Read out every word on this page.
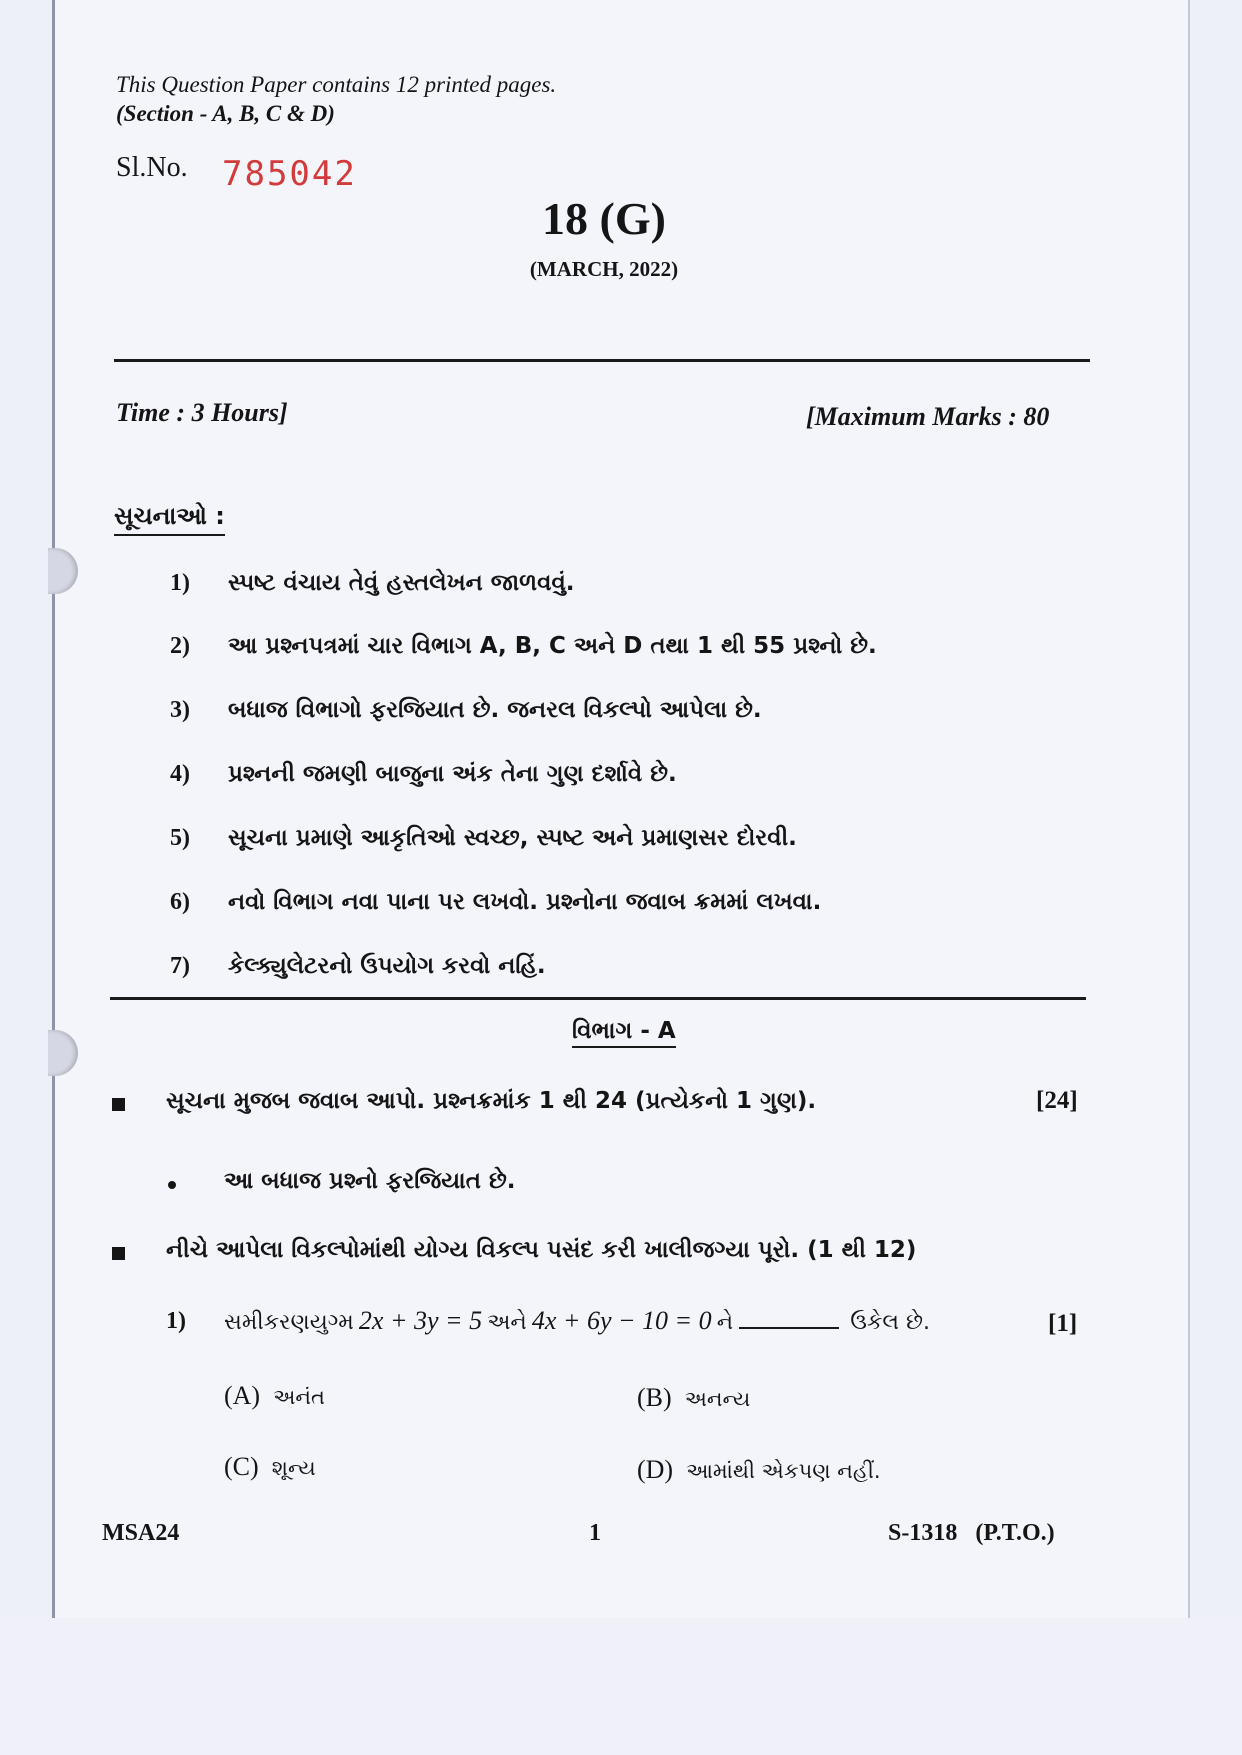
This Question Paper contains 12 printed pages.
(Section - A, B, C & D)
Sl.No. 785042
18 (G)
(MARCH, 2022)
Time : 3 Hours]	[Maximum Marks : 80
સૂચનાઓ :
1) સ્પષ્ટ વંચાય તેવું હસ્તલેખન જાળવવું.
2) આ પ્રશ્નપત્રમાં ચાર વિભાગ A, B, C અને D તથા 1 થી 55 પ્રશ્નો છે.
3) બધાજ વિભાગો ફરજિયાત છે. જનરલ વિકલ્પો આપેલા છે.
4) પ્રશ્નની જમણી બાજુના અંક તેના ગુણ દર્શાવે છે.
5) સૂચના પ્રમાણે આકૃતિઓ સ્વચ્છ, સ્પષ્ટ અને પ્રમાણસર દોરવી.
6) નવો વિભાગ નવા પાના પર લખવો. પ્રશ્નોના જવાબ ક્રમમાં લખવા.
7) કેલ્ક્યુલેટરનો ઉપયોગ કરવો નહિં.
વિભાગ - A
સૂચના મુજબ જવાબ આપો. પ્રશ્નક્રમાંક 1 થી 24 (પ્રત્યેકનો 1 ગુણ).	[24]
આ બધાજ પ્રશ્નો ફરજિયાત છે.
નીચે આપેલા વિકલ્પોમાંથી યોગ્ય વિકલ્પ પસંદ કરી ખાલીજગ્યા પૂરો. (1 થી 12)
1) સમીકરણયુગ્મ 2x + 3y = 5 અને 4x + 6y − 10 = 0 ને	ઉકેલ છે.	[1]
(A) અનંત	(B) અનન્ય
(C) શૂન્ય	(D) આમાંથી એકપણ નહીં.
MSA24	1	S-1318   (P.T.O.)
